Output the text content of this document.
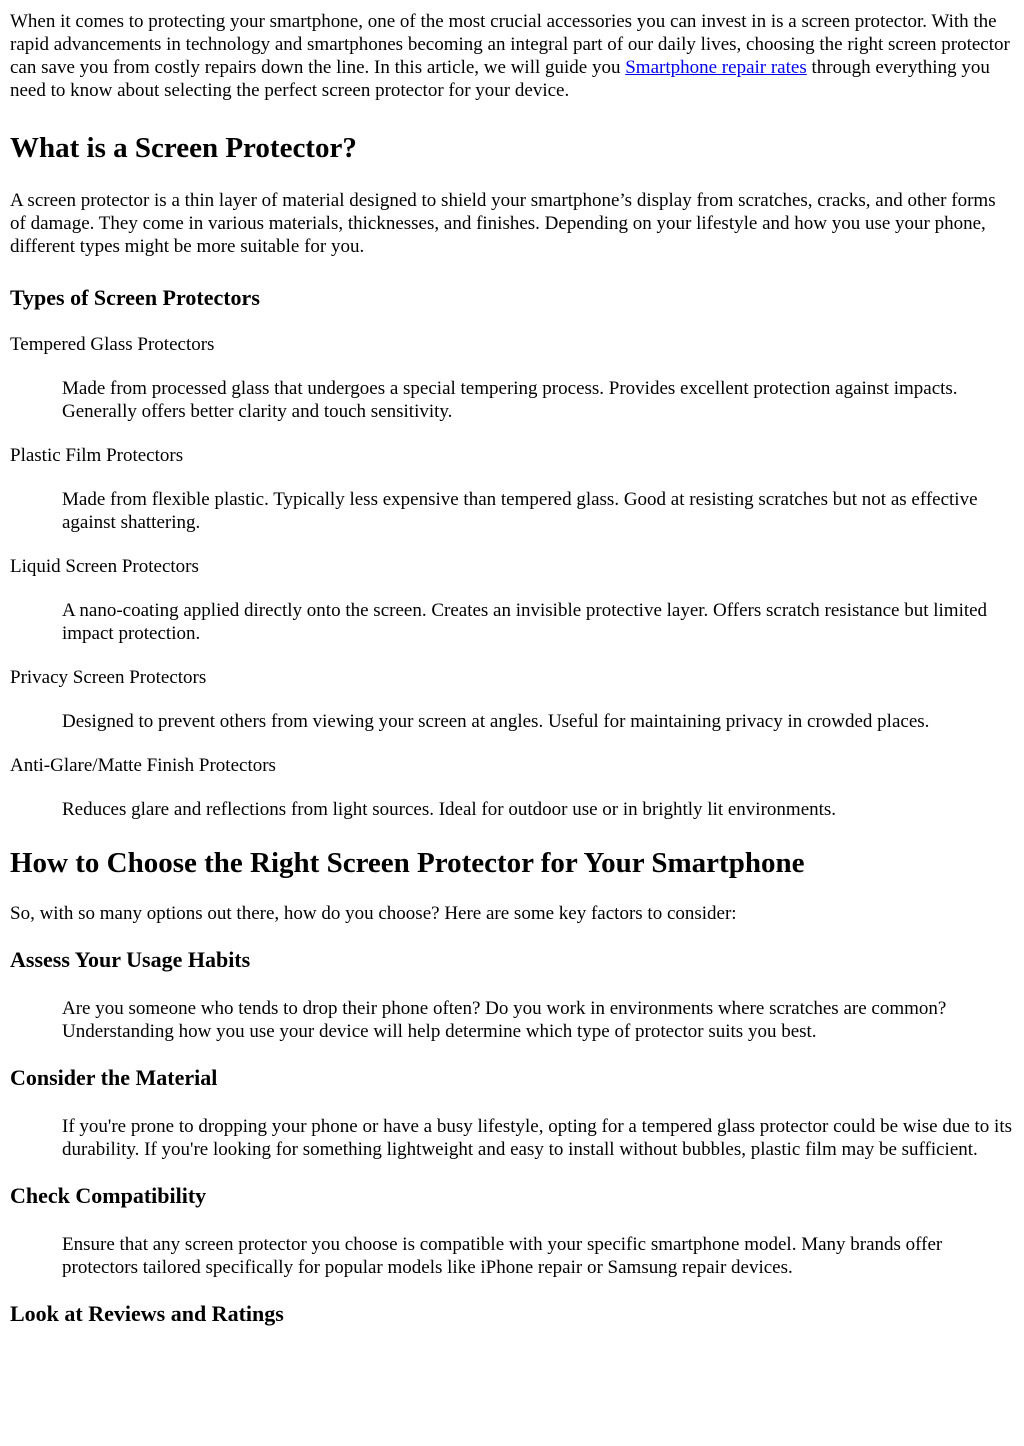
When it comes to protecting your smartphone, one of the most crucial accessories you can invest in is a screen protector. With the rapid advancements in technology and smartphones becoming an integral part of our daily lives, choosing the right screen protector can save you from costly repairs down the line. In this article, we will guide you Smartphone repair rates through everything you need to know about selecting the perfect screen protector for your device.

What is a Screen Protector?

A screen protector is a thin layer of material designed to shield your smartphone’s display from scratches, cracks, and other forms of damage. They come in various materials, thicknesses, and finishes. Depending on your lifestyle and how you use your phone, different types might be more suitable for you.

Types of Screen Protectors
Tempered Glass Protectors
Made from processed glass that undergoes a special tempering process. Provides excellent protection against impacts. Generally offers better clarity and touch sensitivity.
Plastic Film Protectors
Made from flexible plastic. Typically less expensive than tempered glass. Good at resisting scratches but not as effective against shattering.
Liquid Screen Protectors
A nano-coating applied directly onto the screen. Creates an invisible protective layer. Offers scratch resistance but limited impact protection.
Privacy Screen Protectors
Designed to prevent others from viewing your screen at angles. Useful for maintaining privacy in crowded places.
Anti-Glare/Matte Finish Protectors
Reduces glare and reflections from light sources. Ideal for outdoor use or in brightly lit environments.
How to Choose the Right Screen Protector for Your Smartphone

So, with so many options out there, how do you choose? Here are some key factors to consider:

Assess Your Usage Habits

Are you someone who tends to drop their phone often? Do you work in environments where scratches are common? Understanding how you use your device will help determine which type of protector suits you best.

Consider the Material

If you're prone to dropping your phone or have a busy lifestyle, opting for a tempered glass protector could be wise due to its durability. If you're looking for something lightweight and easy to install without bubbles, plastic film may be sufficient.

Check Compatibility

Ensure that any screen protector you choose is compatible with your specific smartphone model. Many brands offer protectors tailored specifically for popular models like iPhone repair or Samsung repair devices.

Look at Reviews and Ratings
